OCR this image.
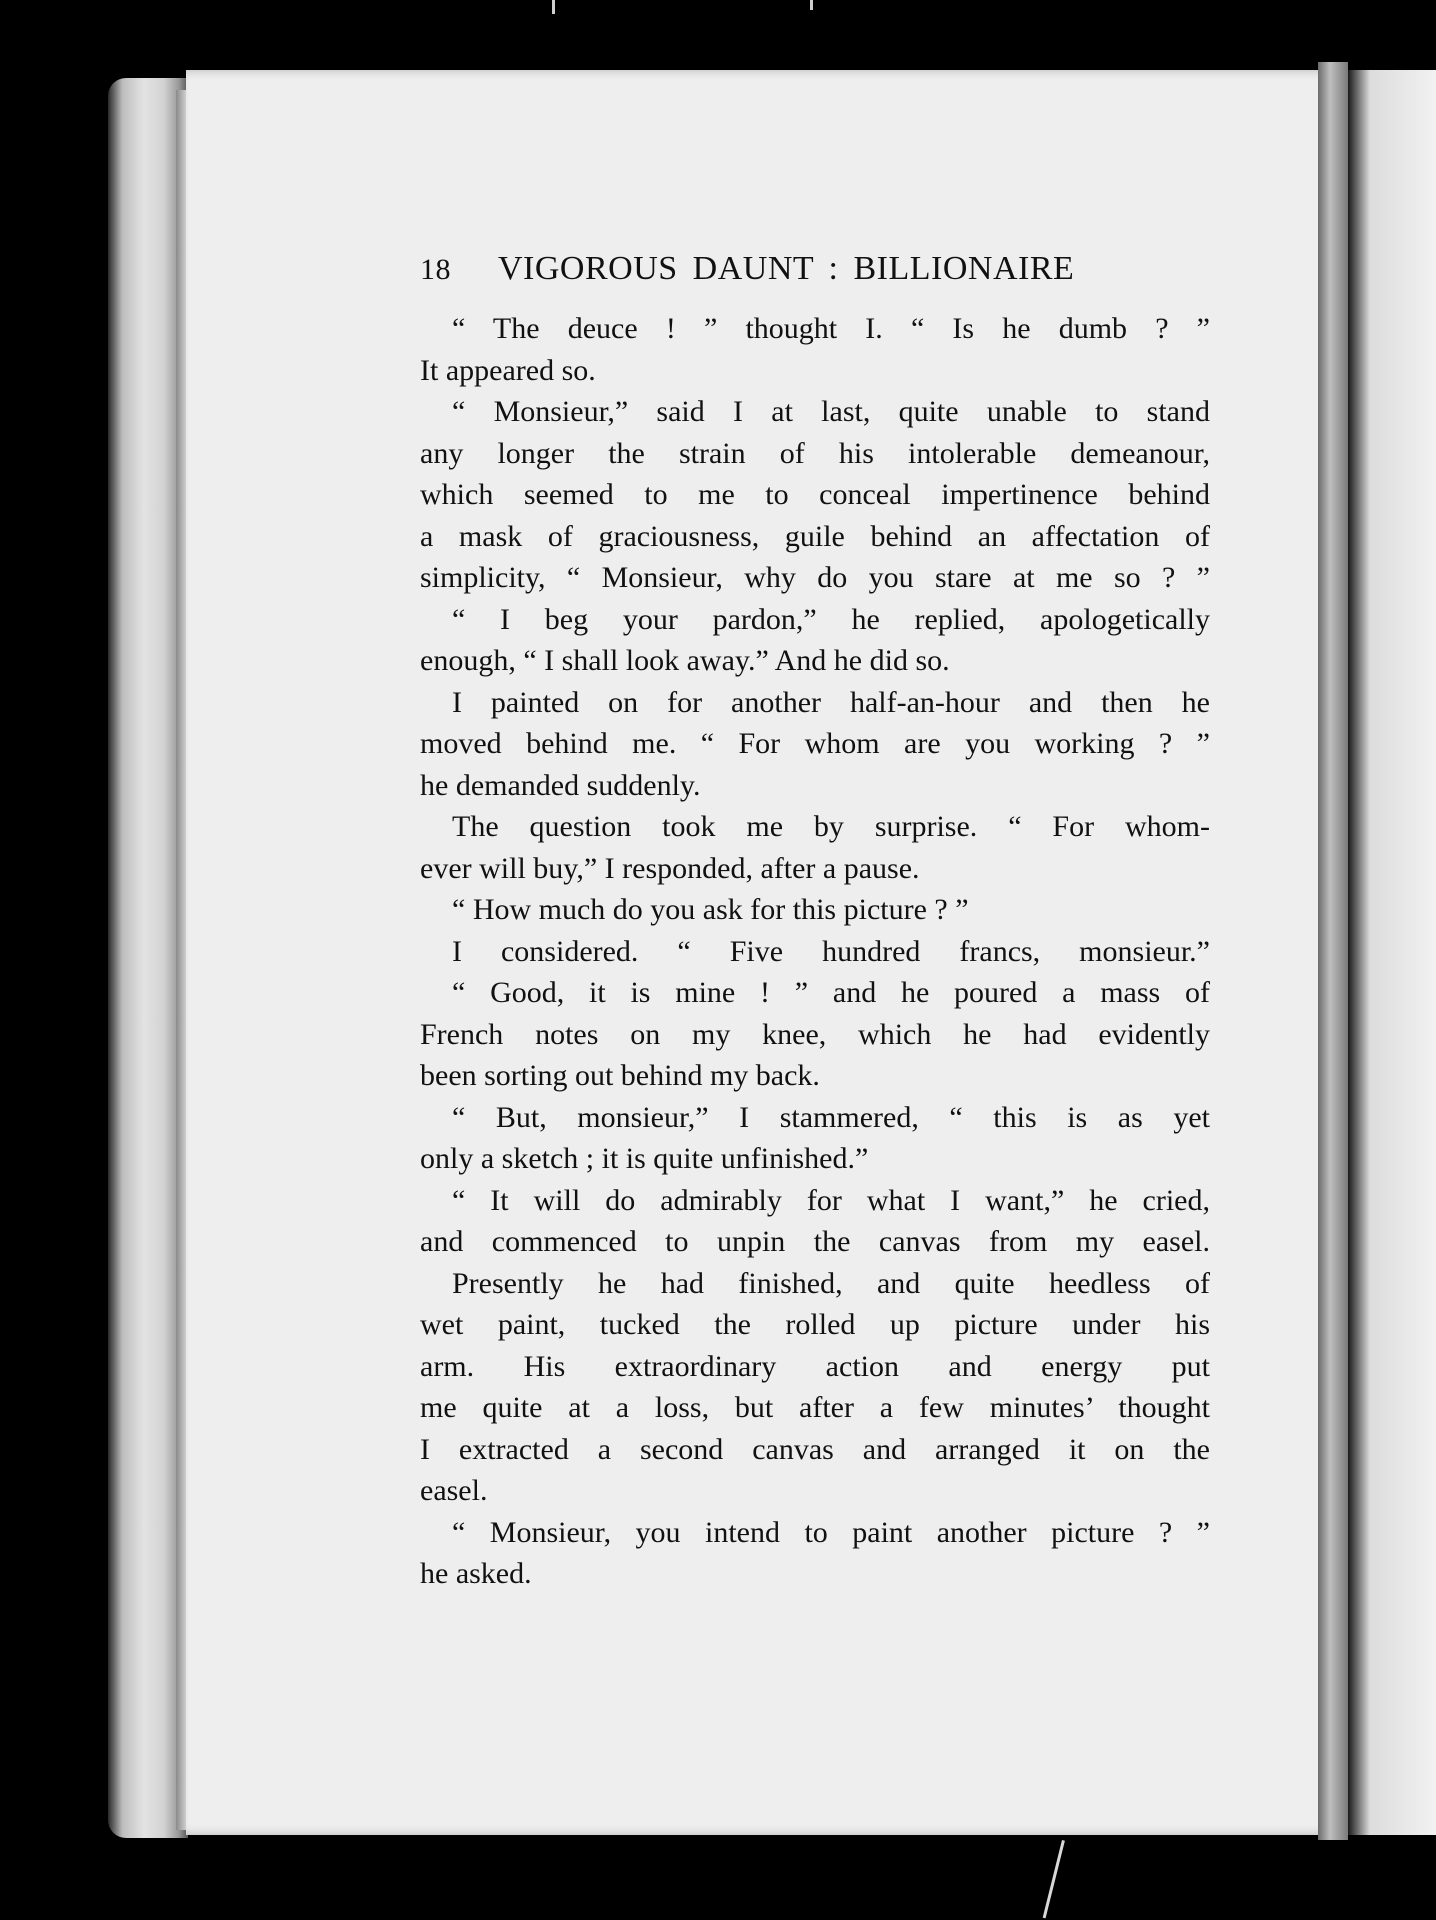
18	VIGOROUS DAUNT : BILLIONAIRE
“ The deuce ! ” thought I. “ Is he dumb ? ”
It appeared so.
“ Monsieur,” said I at last, quite unable to stand
any longer the strain of his intolerable demeanour,
which seemed to me to conceal impertinence behind
a mask of graciousness, guile behind an affectation of
simplicity, “ Monsieur, why do you stare at me so ? ”
“ I beg your pardon,” he replied, apologetically
enough, “ I shall look away.” And he did so.
I painted on for another half-an-hour and then he
moved behind me. “ For whom are you working ? ”
he demanded suddenly.
The question took me by surprise. “ For whom-
ever will buy,” I responded, after a pause.
“ How much do you ask for this picture ? ”
I considered. “ Five hundred francs, monsieur.”
“ Good, it is mine ! ” and he poured a mass of
French notes on my knee, which he had evidently
been sorting out behind my back.
“ But, monsieur,” I stammered, “ this is as yet
only a sketch ; it is quite unfinished.”
“ It will do admirably for what I want,” he cried,
and commenced to unpin the canvas from my easel.
Presently he had finished, and quite heedless of
wet paint, tucked the rolled up picture under his
arm. His extraordinary action and energy put
me quite at a loss, but after a few minutes’ thought
I extracted a second canvas and arranged it on the
easel.
“ Monsieur, you intend to paint another picture ? ”
he asked.
